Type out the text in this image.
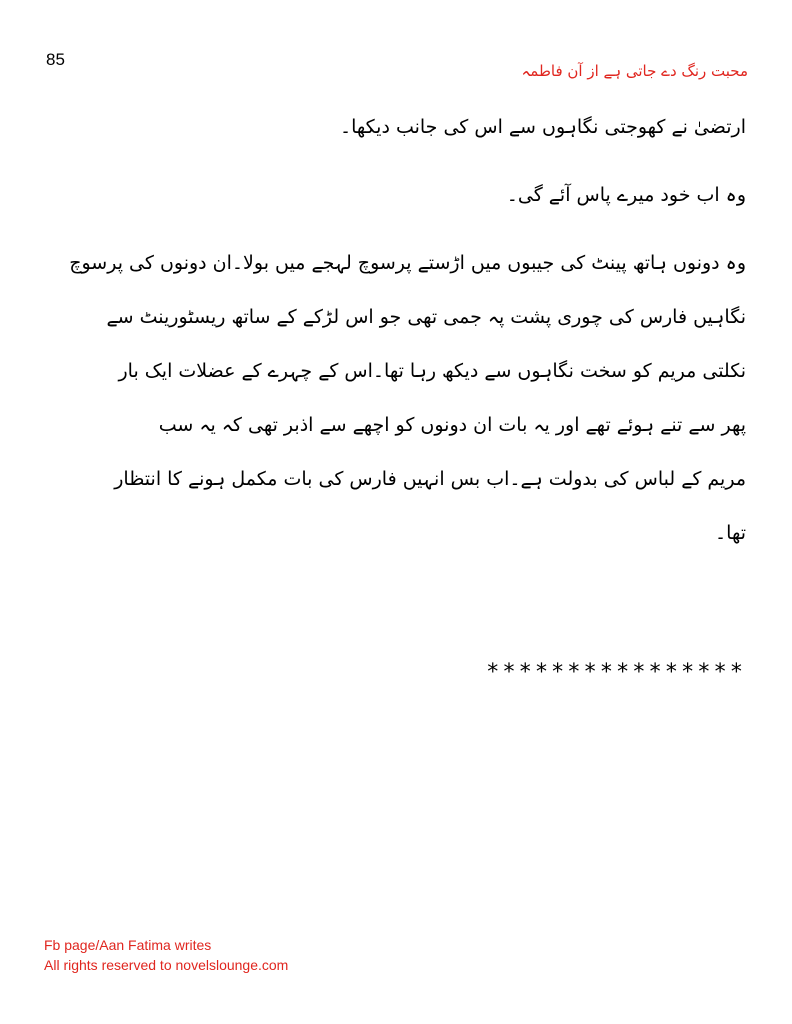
85
محبت رنگ دے جاتی ہے از آن فاطمہ
ارتضیٰ نے کھوجتی نگاہوں سے اس کی جانب دیکھا۔
وہ اب خود میرے پاس آئے گی۔
وہ دونوں ہاتھ پینٹ کی جیبوں میں اڑستے پرسوچ لہجے میں بولا۔ان دونوں کی پرسوچ
نگاہیں فارس کی چوری پشت پہ جمی تھی جو اس لڑکے کے ساتھ ریسٹورینٹ سے
نکلتی مریم کو سخت نگاہوں سے دیکھ رہا تھا۔اس کے چہرے کے عضلات ایک بار
پھر سے تنے ہوئے تھے اور یہ بات ان دونوں کو اچھے سے اذبر تھی کہ یہ سب
مریم کے لباس کی بدولت ہے۔اب بس انہیں فارس کی بات مکمل ہونے کا انتظار
تھا۔
****************
Fb page/Aan Fatima writes
All rights reserved to novelslounge.com
